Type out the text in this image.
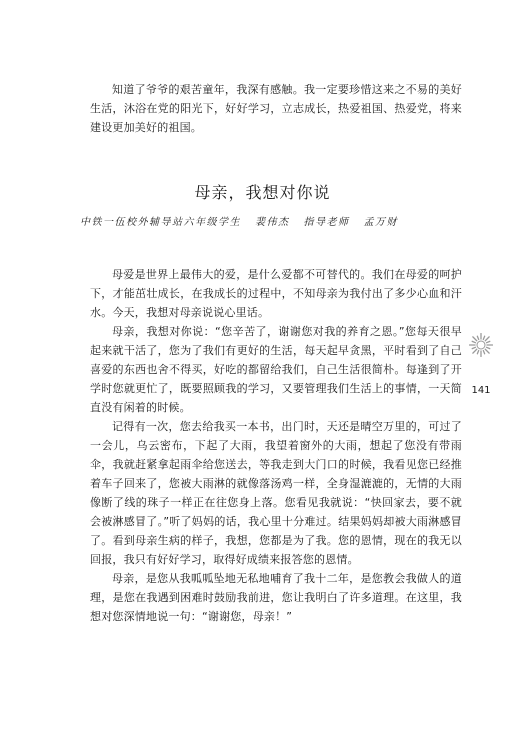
知道了爷爷的艰苦童年，我深有感触。我一定要珍惜这来之不易的美好生活，沐浴在党的阳光下，好好学习，立志成长，热爱祖国、热爱党，将来建设更加美好的祖国。

母亲，我想对你说
中铁一伍校外辅导站六年级学生 裴伟杰 指导老师 孟万财

母爱是世界上最伟大的爱，是什么爱都不可替代的。我们在母爱的呵护下，才能茁壮成长，在我成长的过程中，不知母亲为我付出了多少心血和汗水。今天，我想对母亲说说心里话。

母亲，我想对你说：“您辛苦了，谢谢您对我的养育之恩。”您每天很早起来就干活了，您为了我们有更好的生活，每天起早贪黑，平时看到了自己喜爱的东西也舍不得买，好吃的都留给我们，自己生活很简朴。每逢到了开学时您就更忙了，既要照顾我的学习，又要管理我们生活上的事情，一天简直没有闲着的时候。

记得有一次，您去给我买一本书，出门时，天还是晴空万里的，可过了一会儿，乌云密布，下起了大雨，我望着窗外的大雨，想起了您没有带雨伞，我就赶紧拿起雨伞给您送去，等我走到大门口的时候，我看见您已经推着车子回来了，您被大雨淋的就像落汤鸡一样，全身湿漉漉的，无情的大雨像断了线的珠子一样正在往您身上落。您看见我就说：“快回家去，要不就会被淋感冒了。”听了妈妈的话，我心里十分难过。结果妈妈却被大雨淋感冒了。看到母亲生病的样子，我想，您都是为了我。您的恩情，现在的我无以回报，我只有好好学习，取得好成绩来报答您的恩情。

母亲，是您从我呱呱坠地无私地哺育了我十二年，是您教会我做人的道理，是您在我遇到困难时鼓励我前进，您让我明白了许多道理。在这里，我想对您深情地说一句：“谢谢您，母亲！”

141
